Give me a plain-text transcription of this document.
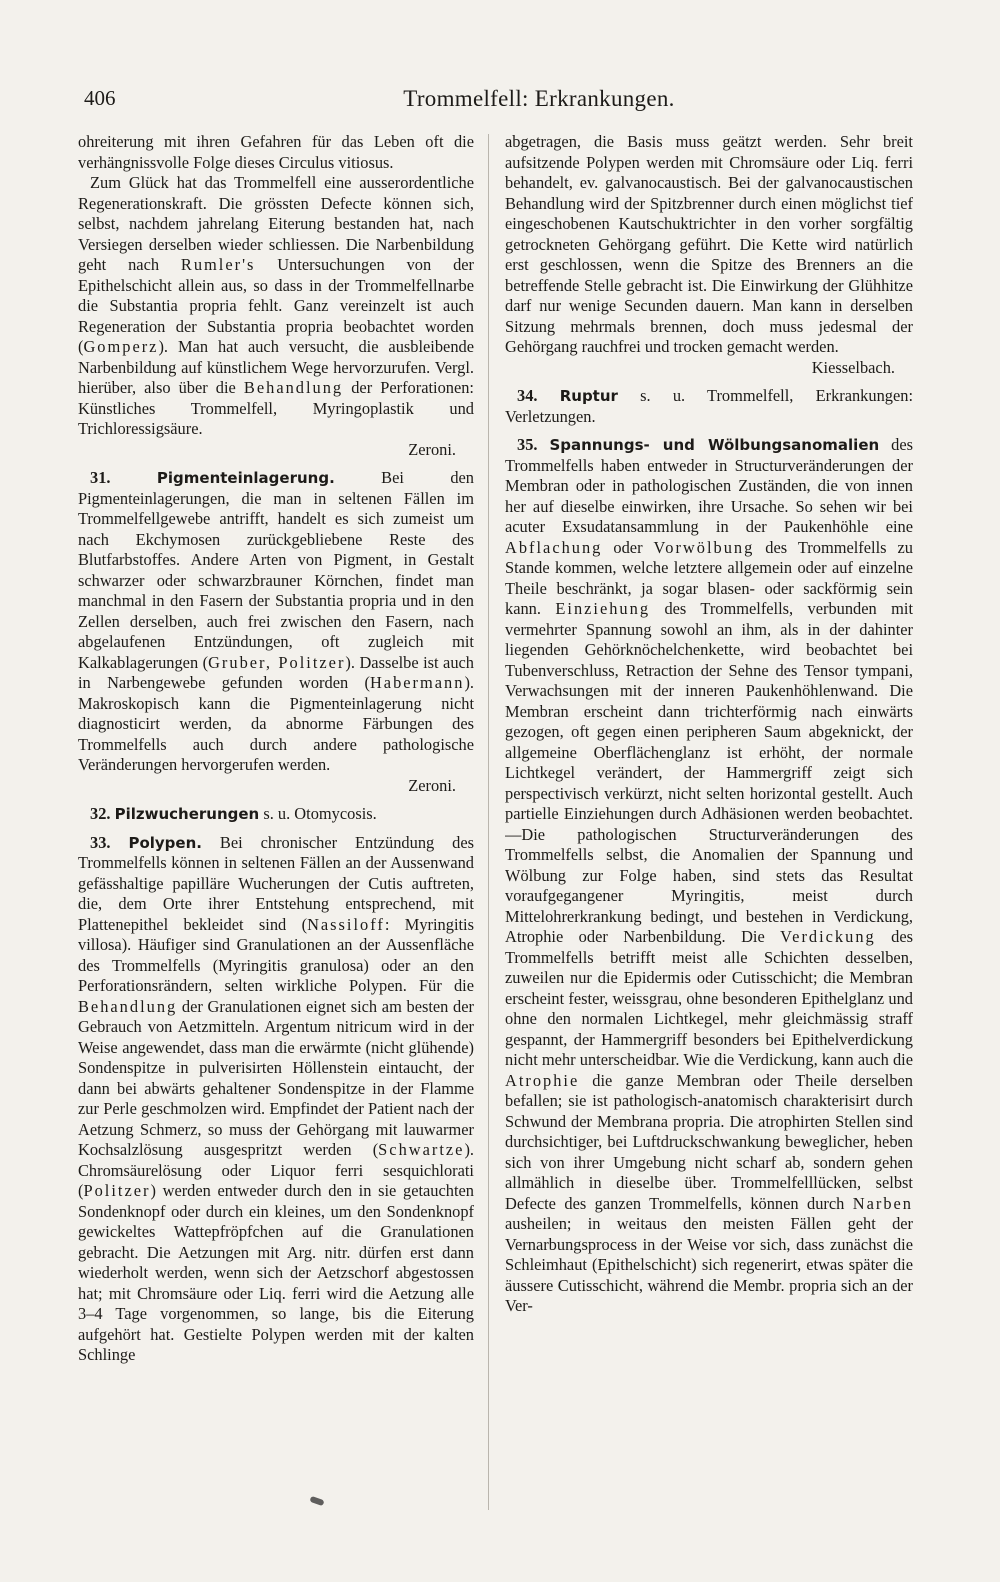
406	Trommelfell: Erkrankungen.

ohreiterung mit ihren Gefahren für das Leben oft die verhängnissvolle Folge dieses Circulus vitiosus.

Zum Glück hat das Trommelfell eine ausserordentliche Regenerationskraft. Die grössten Defecte können sich, selbst, nachdem jahrelang Eiterung bestanden hat, nach Versiegen derselben wieder schliessen. Die Narbenbildung geht nach Rumler's Untersuchungen von der Epithelschicht allein aus, so dass in der Trommelfellnarbe die Substantia propria fehlt. Ganz vereinzelt ist auch Regeneration der Substantia propria beobachtet worden (Gomperz). Man hat auch versucht, die ausbleibende Narbenbildung auf künstlichem Wege hervorzurufen. Vergl. hierüber, also über die Behandlung der Perforationen: Künstliches Trommelfell, Myringoplastik und Trichloressigsäure.
Zeroni.

31.	Pigmenteinlagerung. Bei den Pigmenteinlagerungen, die man in seltenen Fällen im Trommelfellgewebe antrifft, handelt es sich zumeist um nach Ekchymosen zurückgebliebene Reste des Blutfarbstoffes. Andere Arten von Pigment, in Gestalt schwarzer oder schwarzbrauner Körnchen, findet man manchmal in den Fasern der Substantia propria und in den Zellen derselben, auch frei zwischen den Fasern, nach abgelaufenen Entzündungen, oft zugleich mit Kalkablagerungen (Gruber, Politzer). Dasselbe ist auch in Narbengewebe gefunden worden (Habermann). Makroskopisch kann die Pigmenteinlagerung nicht diagnosticirt werden, da abnorme Färbungen des Trommelfells auch durch andere pathologische Veränderungen hervorgerufen werden.
Zeroni.

32. Pilzwucherungen s. u. Otomycosis.

33. Polypen. Bei chronischer Entzündung des Trommelfells können in seltenen Fällen an der Aussenwand gefässhaltige papilläre Wucherungen der Cutis auftreten, die, dem Orte ihrer Entstehung entsprechend, mit Plattenepithel bekleidet sind (Nassiloff: Myringitis villosa). Häufiger sind Granulationen an der Aussenfläche des Trommelfells (Myringitis granulosa) oder an den Perforationsrändern, selten wirkliche Polypen. Für die Behandlung der Granulationen eignet sich am besten der Gebrauch von Aetzmitteln. Argentum nitricum wird in der Weise angewendet, dass man die erwärmte (nicht glühende) Sondenspitze in pulverisirten Höllenstein eintaucht, der dann bei abwärts gehaltener Sondenspitze in der Flamme zur Perle geschmolzen wird. Empfindet der Patient nach der Aetzung Schmerz, so muss der Gehörgang mit lauwarmer Kochsalzlösung ausgespritzt werden (Schwartze). Chromsäurelösung oder Liquor ferri sesquichlorati (Politzer) werden entweder durch den in sie getauchten Sondenknopf oder durch ein kleines, um den Sondenknopf gewickeltes Wattepfröpfchen auf die Granulationen gebracht. Die Aetzungen mit Arg. nitr. dürfen erst dann wiederholt werden, wenn sich der Aetzschorf abgestossen hat; mit Chromsäure oder Liq. ferri wird die Aetzung alle 3–4 Tage vorgenommen, so lange, bis die Eiterung aufgehört hat. Gestielte Polypen werden mit der kalten Schlinge

abgetragen, die Basis muss geätzt werden. Sehr breit aufsitzende Polypen werden mit Chromsäure oder Liq. ferri behandelt, ev. galvanocaustisch. Bei der galvanocaustischen Behandlung wird der Spitzbrenner durch einen möglichst tief eingeschobenen Kautschuktrichter in den vorher sorgfältig getrockneten Gehörgang geführt. Die Kette wird natürlich erst geschlossen, wenn die Spitze des Brenners an die betreffende Stelle gebracht ist. Die Einwirkung der Glühhitze darf nur wenige Secunden dauern. Man kann in derselben Sitzung mehrmals brennen, doch muss jedesmal der Gehörgang rauchfrei und trocken gemacht werden.
Kiesselbach.

34. Ruptur s. u. Trommelfell, Erkrankungen: Verletzungen.

35. Spannungs- und Wölbungsanomalien des Trommelfells haben entweder in Structurveränderungen der Membran oder in pathologischen Zuständen, die von innen her auf dieselbe einwirken, ihre Ursache. So sehen wir bei acuter Exsudatansammlung in der Paukenhöhle eine Abflachung oder Vorwölbung des Trommelfells zu Stande kommen, welche letztere allgemein oder auf einzelne Theile beschränkt, ja sogar blasen- oder sackförmig sein kann. Einziehung des Trommelfells, verbunden mit vermehrter Spannung sowohl an ihm, als in der dahinter liegenden Gehörknöchelchenkette, wird beobachtet bei Tubenverschluss, Retraction der Sehne des Tensor tympani, Verwachsungen mit der inneren Paukenhöhlenwand. Die Membran erscheint dann trichterförmig nach einwärts gezogen, oft gegen einen peripheren Saum abgeknickt, der allgemeine Oberflächenglanz ist erhöht, der normale Lichtkegel verändert, der Hammergriff zeigt sich perspectivisch verkürzt, nicht selten horizontal gestellt. Auch partielle Einziehungen durch Adhäsionen werden beobachtet.—Die pathologischen Structurveränderungen des Trommelfells selbst, die Anomalien der Spannung und Wölbung zur Folge haben, sind stets das Resultat voraufgegangener Myringitis, meist durch Mittelohrerkrankung bedingt, und bestehen in Verdickung, Atrophie oder Narbenbildung. Die Verdickung des Trommelfells betrifft meist alle Schichten desselben, zuweilen nur die Epidermis oder Cutisschicht; die Membran erscheint fester, weissgrau, ohne besonderen Epithelglanz und ohne den normalen Lichtkegel, mehr gleichmässig straff gespannt, der Hammergriff besonders bei Epithelverdickung nicht mehr unterscheidbar. Wie die Verdickung, kann auch die Atrophie die ganze Membran oder Theile derselben befallen; sie ist pathologisch-anatomisch charakterisirt durch Schwund der Membrana propria. Die atrophirten Stellen sind durchsichtiger, bei Luftdruckschwankung beweglicher, heben sich von ihrer Umgebung nicht scharf ab, sondern gehen allmählich in dieselbe über. Trommelfelllücken, selbst Defecte des ganzen Trommelfells, können durch Narben ausheilen; in weitaus den meisten Fällen geht der Vernarbungsprocess in der Weise vor sich, dass zunächst die Schleimhaut (Epithelschicht) sich regenerirt, etwas später die äussere Cutisschicht, während die Membr. propria sich an der Ver-
